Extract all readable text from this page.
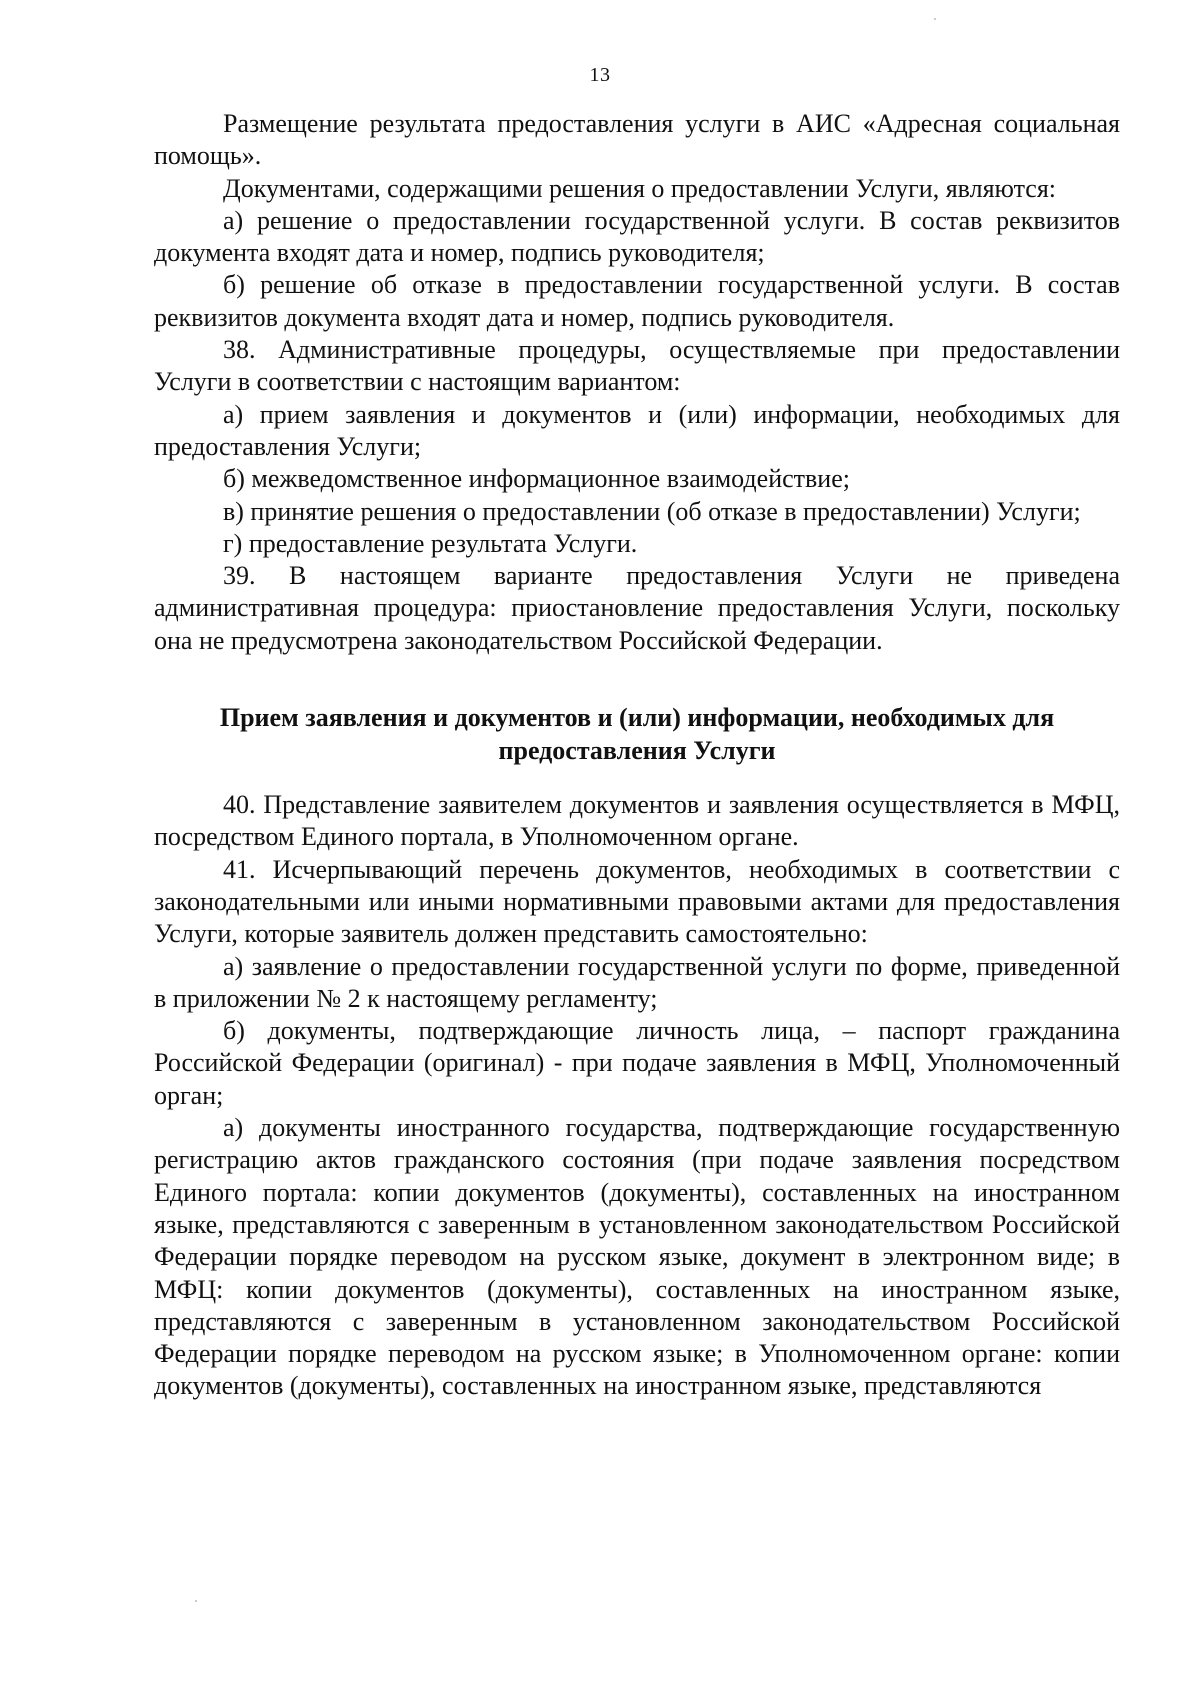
13

Размещение результата предоставления услуги в АИС «Адресная социальная помощь».

Документами, содержащими решения о предоставлении Услуги, являются:

а) решение о предоставлении государственной услуги. В состав реквизитов документа входят дата и номер, подпись руководителя;

б) решение об отказе в предоставлении государственной услуги. В состав реквизитов документа входят дата и номер, подпись руководителя.

38. Административные процедуры, осуществляемые при предоставлении Услуги в соответствии с настоящим вариантом:

а) прием заявления и документов и (или) информации, необходимых для предоставления Услуги;

б) межведомственное информационное взаимодействие;

в) принятие решения о предоставлении (об отказе в предоставлении) Услуги;

г) предоставление результата Услуги.

39. В настоящем варианте предоставления Услуги не приведена административная процедура: приостановление предоставления Услуги, поскольку она не предусмотрена законодательством Российской Федерации.

Прием заявления и документов и (или) информации, необходимых для
предоставления Услуги

40. Представление заявителем документов и заявления осуществляется в МФЦ, посредством Единого портала, в Уполномоченном органе.

41. Исчерпывающий перечень документов, необходимых в соответствии с законодательными или иными нормативными правовыми актами для предоставления Услуги, которые заявитель должен представить самостоятельно:

а) заявление о предоставлении государственной услуги по форме, приведенной в приложении № 2 к настоящему регламенту;

б) документы, подтверждающие личность лица, – паспорт гражданина Российской Федерации (оригинал) - при подаче заявления в МФЦ, Уполномоченный орган;

а) документы иностранного государства, подтверждающие государственную регистрацию актов гражданского состояния (при подаче заявления посредством Единого портала: копии документов (документы), составленных на иностранном языке, представляются с заверенным в установленном законодательством Российской Федерации порядке переводом на русском языке, документ в электронном виде; в МФЦ: копии документов (документы), составленных на иностранном языке, представляются с заверенным в установленном законодательством Российской Федерации порядке переводом на русском языке; в Уполномоченном органе: копии документов (документы), составленных на иностранном языке, представляются
